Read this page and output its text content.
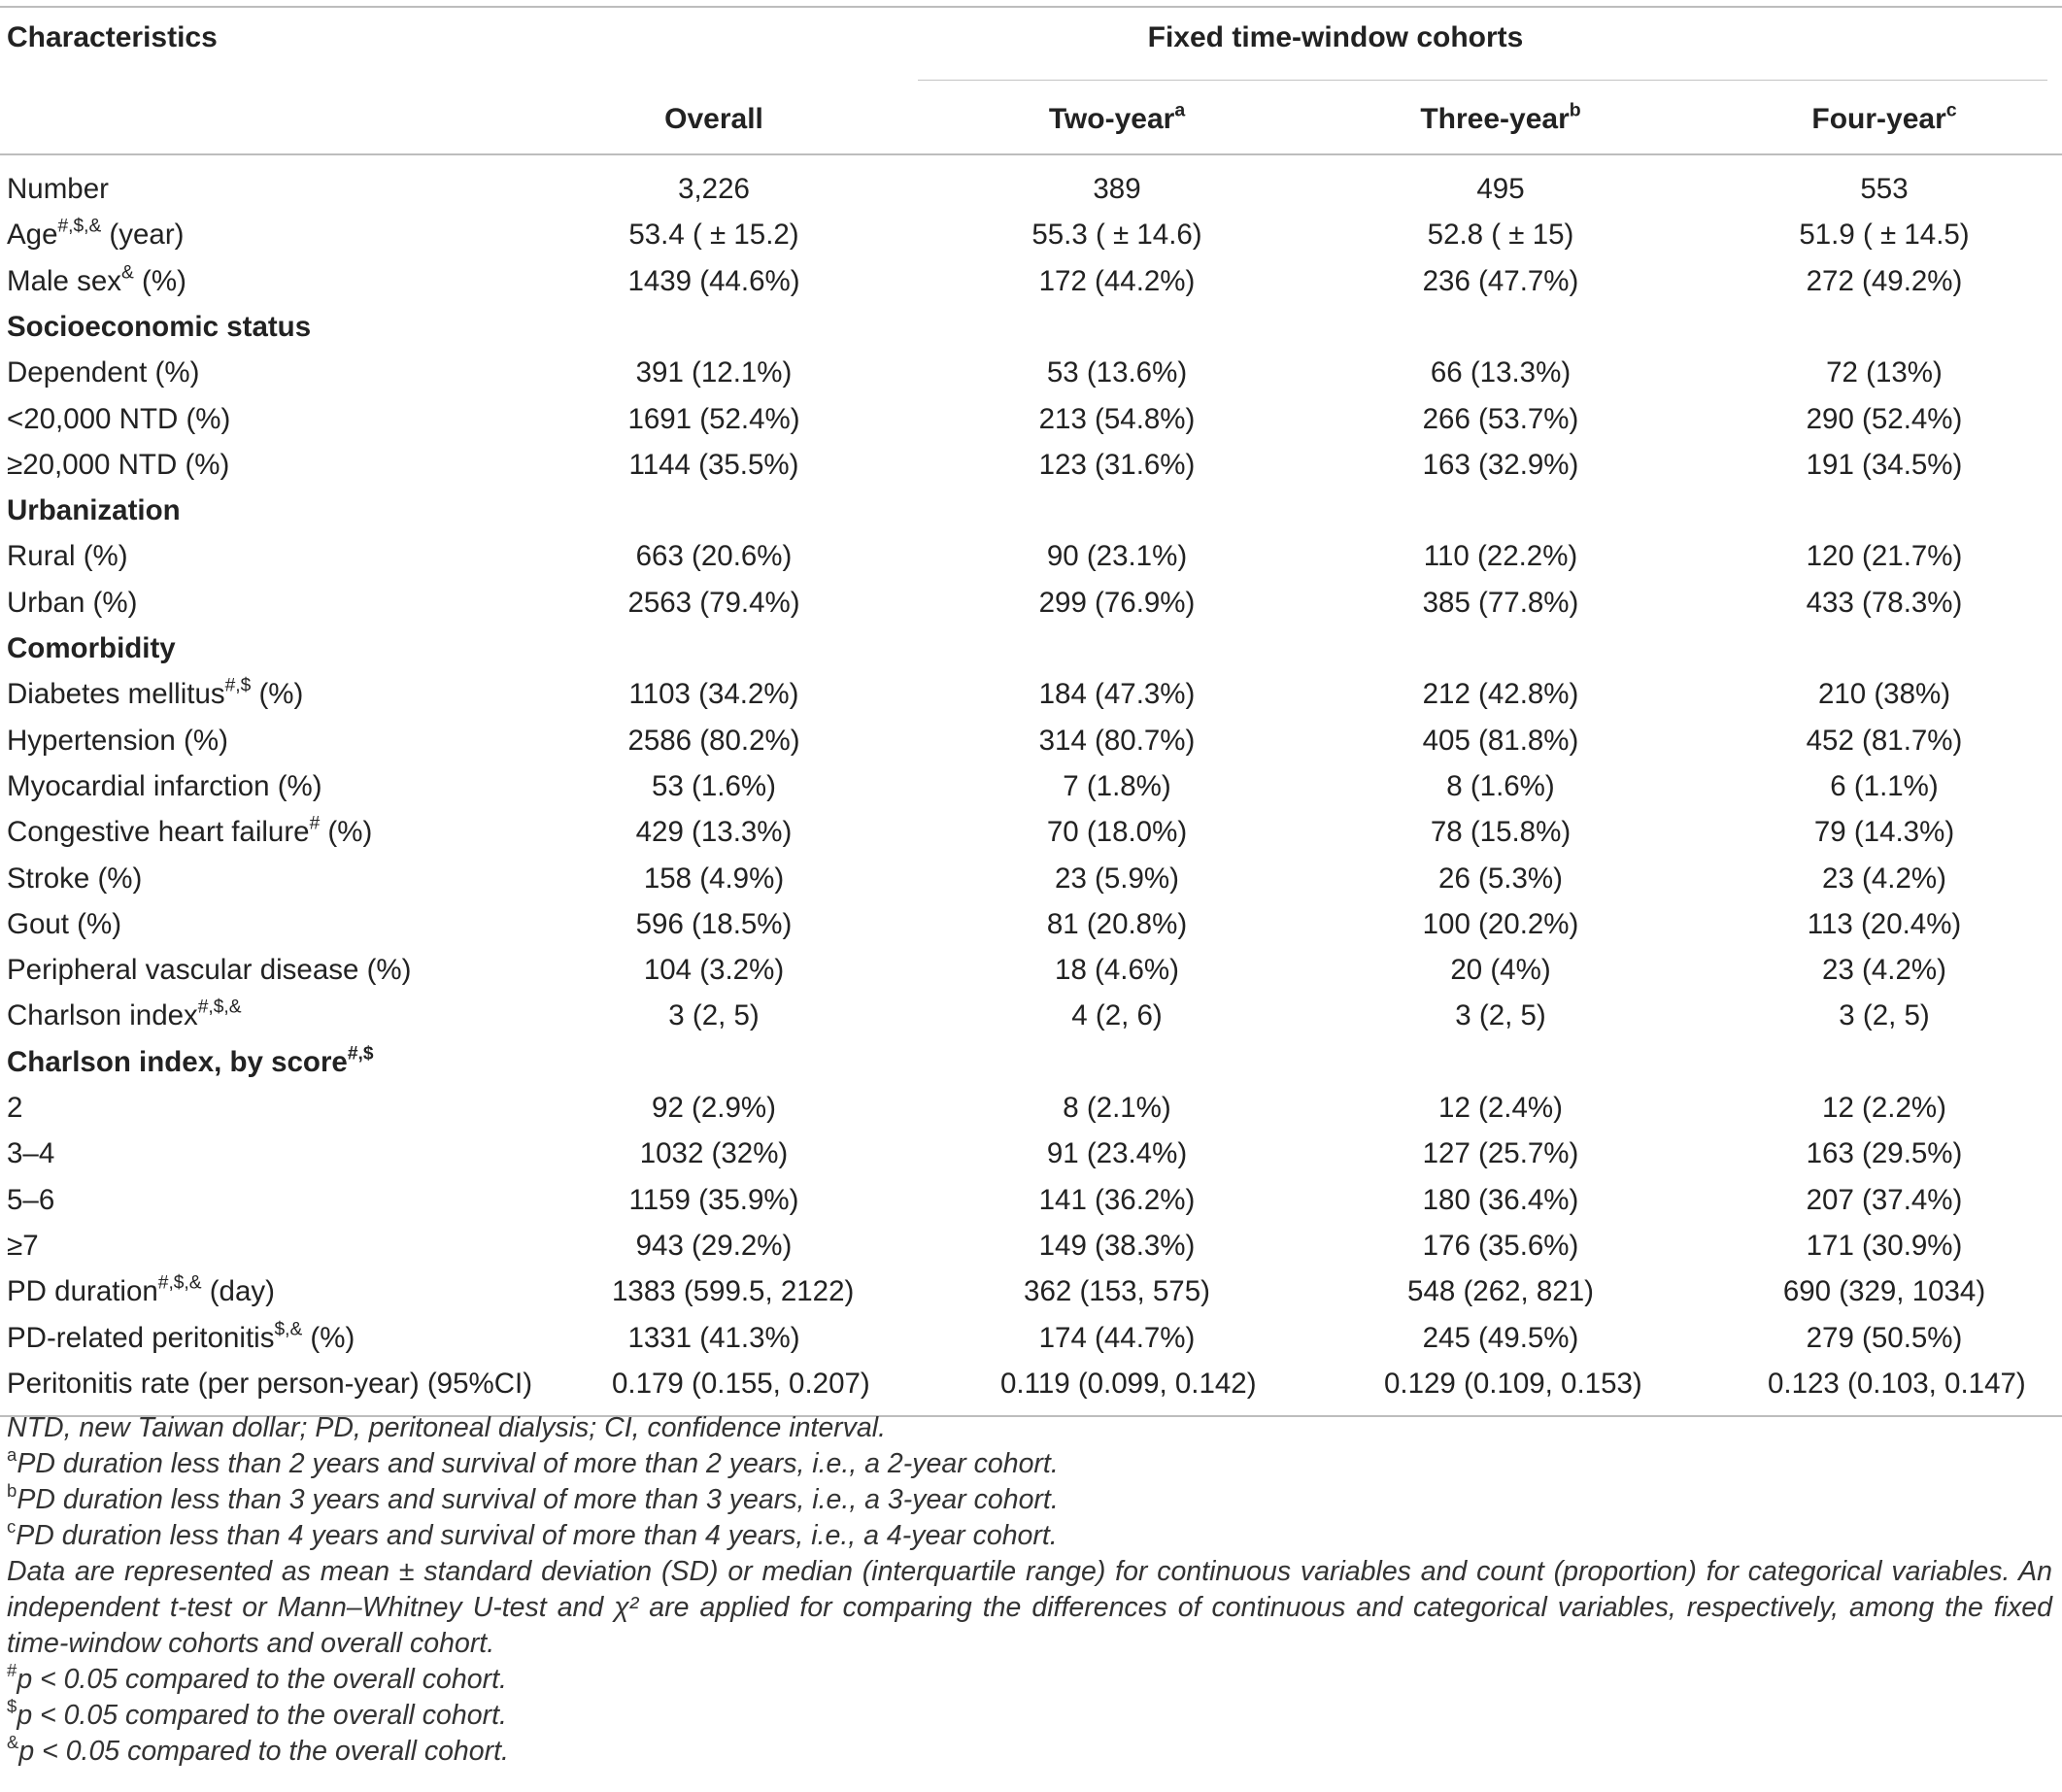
Characteristics	Fixed time-window cohorts
Overall	Two-year$^a$	Three-year$^b$	Four-year$^c$
Number	3,226	389	495	553
Age#,$,& (year)	53.4 ( ± 15.2)	55.3 ( ± 14.6)	52.8 ( ± 15)	51.9 ( ± 14.5)
Male sex& (%)	1439 (44.6%)	172 (44.2%)	236 (47.7%)	272 (49.2%)
Socioeconomic status
Dependent (%)	391 (12.1%)	53 (13.6%)	66 (13.3%)	72 (13%)
<20,000 NTD (%)	1691 (52.4%)	213 (54.8%)	266 (53.7%)	290 (52.4%)
≥20,000 NTD (%)	1144 (35.5%)	123 (31.6%)	163 (32.9%)	191 (34.5%)
Urbanization
Rural (%)	663 (20.6%)	90 (23.1%)	110 (22.2%)	120 (21.7%)
Urban (%)	2563 (79.4%)	299 (76.9%)	385 (77.8%)	433 (78.3%)
Comorbidity
Diabetes mellitus#,$ (%)	1103 (34.2%)	184 (47.3%)	212 (42.8%)	210 (38%)
Hypertension (%)	2586 (80.2%)	314 (80.7%)	405 (81.8%)	452 (81.7%)
Myocardial infarction (%)	53 (1.6%)	7 (1.8%)	8 (1.6%)	6 (1.1%)
Congestive heart failure# (%)	429 (13.3%)	70 (18.0%)	78 (15.8%)	79 (14.3%)
Stroke (%)	158 (4.9%)	23 (5.9%)	26 (5.3%)	23 (4.2%)
Gout (%)	596 (18.5%)	81 (20.8%)	100 (20.2%)	113 (20.4%)
Peripheral vascular disease (%)	104 (3.2%)	18 (4.6%)	20 (4%)	23 (4.2%)
Charlson index#,$,&	3 (2, 5)	4 (2, 6)	3 (2, 5)	3 (2, 5)
Charlson index, by score#,$
2	92 (2.9%)	8 (2.1%)	12 (2.4%)	12 (2.2%)
3–4	1032 (32%)	91 (23.4%)	127 (25.7%)	163 (29.5%)
5–6	1159 (35.9%)	141 (36.2%)	180 (36.4%)	207 (37.4%)
≥7	943 (29.2%)	149 (38.3%)	176 (35.6%)	171 (30.9%)
PD duration#,$,& (day)	1383 (599.5, 2122)	362 (153, 575)	548 (262, 821)	690 (329, 1034)
PD-related peritonitis$,& (%)	1331 (41.3%)	174 (44.7%)	245 (49.5%)	279 (50.5%)
Peritonitis rate (per person-year) (95%CI)	0.179 (0.155, 0.207)	0.119 (0.099, 0.142)	0.129 (0.109, 0.153)	0.123 (0.103, 0.147)
NTD, new Taiwan dollar; PD, peritoneal dialysis; CI, confidence interval.
$^a$PD duration less than 2 years and survival of more than 2 years, i.e., a 2-year cohort.
$^b$PD duration less than 3 years and survival of more than 3 years, i.e., a 3-year cohort.
$^c$PD duration less than 4 years and survival of more than 4 years, i.e., a 4-year cohort.
Data are represented as mean ± standard deviation (SD) or median (interquartile range) for continuous variables and count (proportion) for categorical variables. An independent t-test or Mann–Whitney U-test and χ² are applied for comparing the differences of continuous and categorical variables, respectively, among the fixed time-window cohorts and overall cohort.
#p < 0.05 compared to the overall cohort.
$p < 0.05 compared to the overall cohort.
&p < 0.05 compared to the overall cohort.
